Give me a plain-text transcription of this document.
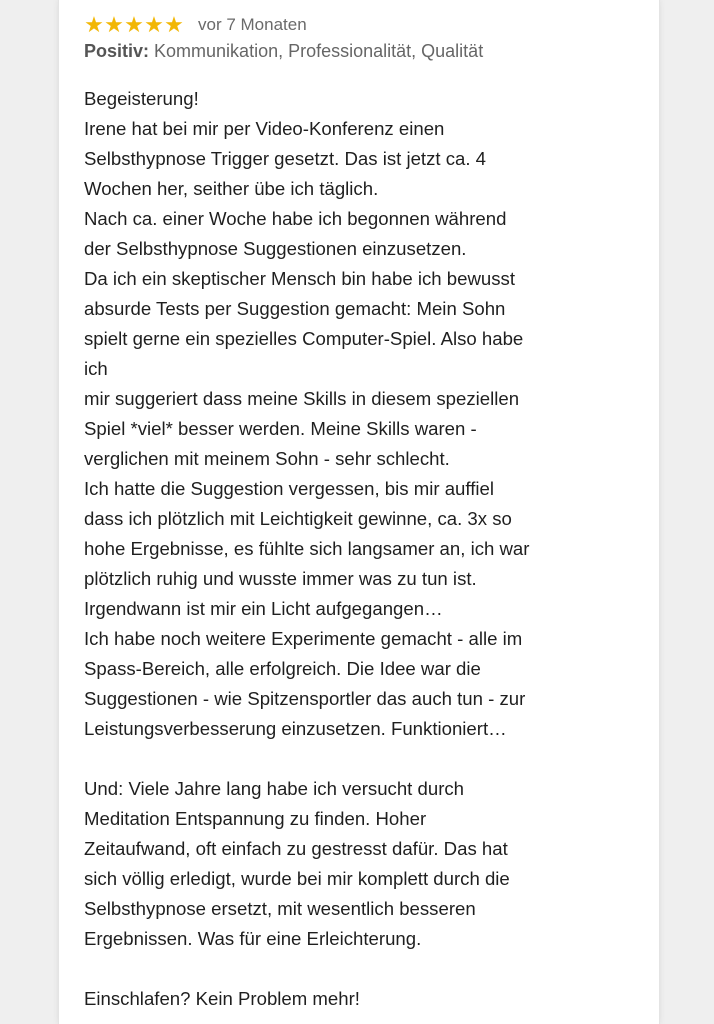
★ ★ ★ ★ ★ vor 7 Monaten
Positiv: Kommunikation, Professionalität, Qualität

Begeisterung!

Irene hat bei mir per Video-Konferenz einen

Selbsthypnose Trigger gesetzt. Das ist jetzt ca. 4

Wochen her, seither übe ich täglich.

Nach ca. einer Woche habe ich begonnen während

der Selbsthypnose Suggestionen einzusetzen.

Da ich ein skeptischer Mensch bin habe ich bewusst

absurde Tests per Suggestion gemacht: Mein Sohn

spielt gerne ein spezielles Computer-Spiel. Also habe

ich

mir suggeriert dass meine Skills in diesem speziellen

Spiel *viel* besser werden. Meine Skills waren -

verglichen mit meinem Sohn - sehr schlecht.

Ich hatte die Suggestion vergessen, bis mir auffiel

dass ich plötzlich mit Leichtigkeit gewinne, ca. 3x so

hohe Ergebnisse, es fühlte sich langsamer an, ich war

plötzlich ruhig und wusste immer was zu tun ist.

Irgendwann ist mir ein Licht aufgegangen…

Ich habe noch weitere Experimente gemacht - alle im

Spass-Bereich, alle erfolgreich. Die Idee war die

Suggestionen - wie Spitzensportler das auch tun - zur

Leistungsverbesserung einzusetzen. Funktioniert…

Und: Viele Jahre lang habe ich versucht durch

Meditation Entspannung zu finden. Hoher

Zeitaufwand, oft einfach zu gestresst dafür. Das hat

sich völlig erledigt, wurde bei mir komplett durch die

Selbsthypnose ersetzt, mit wesentlich besseren

Ergebnissen. Was für eine Erleichterung.

Einschlafen? Kein Problem mehr!
